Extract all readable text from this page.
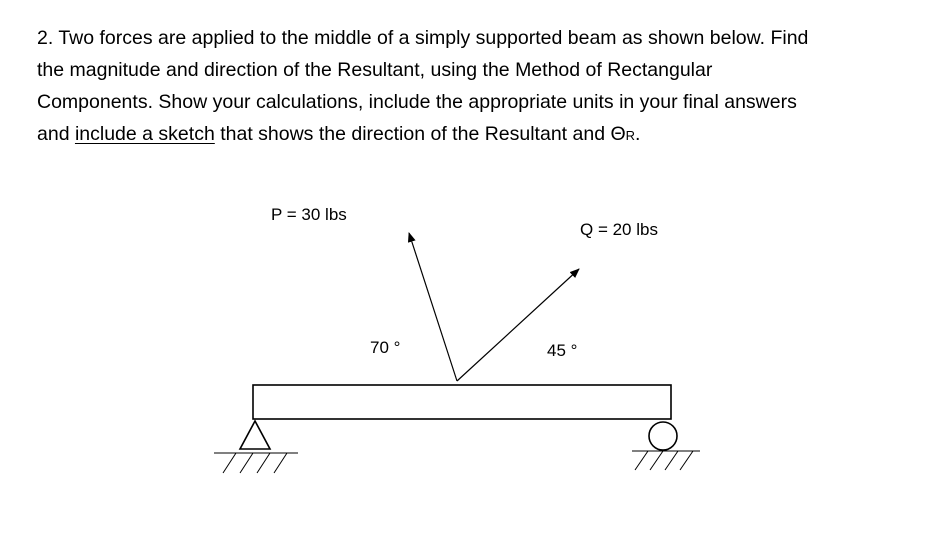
2. Two forces are applied to the middle of a simply supported beam as shown below. Find
the magnitude and direction of the Resultant, using the Method of Rectangular
Components. Show your calculations, include the appropriate units in your final answers
and include a sketch that shows the direction of the Resultant and ΘR.
P = 30 lbs
Q = 20 lbs
70 °	45 °
